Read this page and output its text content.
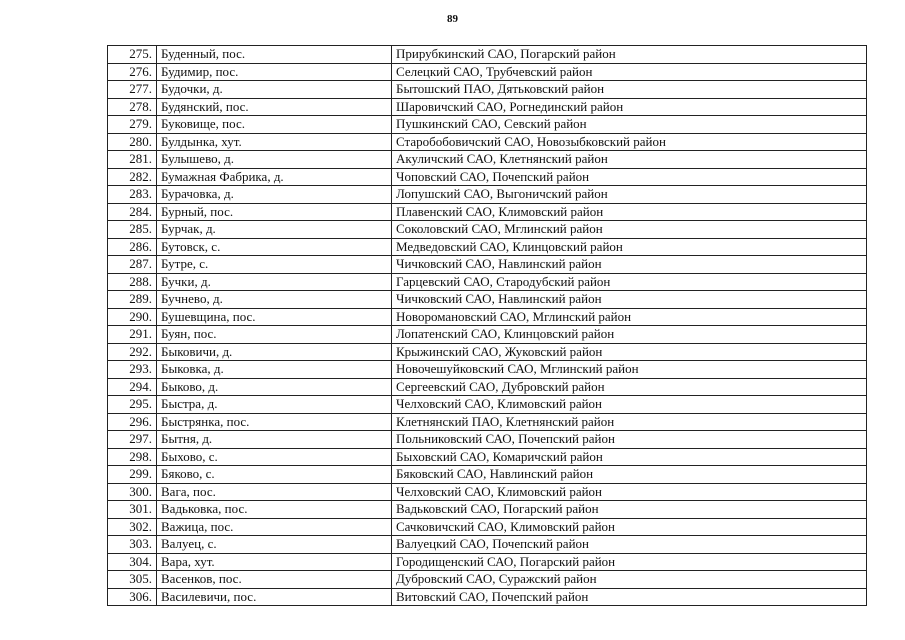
89
275.	Буденный, пос.	Прирубкинский САО, Погарский район
276.	Будимир, пос.	Селецкий САО, Трубчевский район
277.	Будочки, д.	Бытошский ПАО, Дятьковский район
278.	Будянский, пос.	Шаровичский САО, Рогнединский район
279.	Буковище, пос.	Пушкинский САО, Севский район
280.	Булдынка, хут.	Старобобовичский САО, Новозыбковский район
281.	Булышево, д.	Акуличский САО, Клетнянский район
282.	Бумажная Фабрика, д.	Чоповский САО, Почепский район
283.	Бурачовка, д.	Лопушский САО, Выгоничский район
284.	Бурный, пос.	Плавенский САО, Климовский район
285.	Бурчак, д.	Соколовский САО, Мглинский район
286.	Бутовск, с.	Медведовский САО, Клинцовский район
287.	Бутре, с.	Чичковский САО, Навлинский район
288.	Бучки, д.	Гарцевский САО, Стародубский район
289.	Бучнево, д.	Чичковский САО, Навлинский район
290.	Бушевщина, пос.	Новоромановский САО, Мглинский район
291.	Буян, пос.	Лопатенский САО, Клинцовский район
292.	Быковичи, д.	Крыжинский САО, Жуковский район
293.	Быковка, д.	Новочешуйковский САО, Мглинский район
294.	Быково, д.	Сергеевский САО, Дубровский район
295.	Быстра, д.	Челховский САО, Климовский район
296.	Быстрянка, пос.	Клетнянский ПАО, Клетнянский район
297.	Бытня, д.	Польниковский САО, Почепский район
298.	Быхово, с.	Быховский САО, Комаричский район
299.	Бяково, с.	Бяковский САО, Навлинский район
300.	Вага, пос.	Челховский САО, Климовский район
301.	Вадьковка, пос.	Вадьковский САО, Погарский район
302.	Важица, пос.	Сачковичский САО, Климовский район
303.	Валуец, с.	Валуецкий САО, Почепский район
304.	Вара, хут.	Городищенский САО, Погарский район
305.	Васенков, пос.	Дубровский САО, Суражский район
306.	Василевичи, пос.	Витовский САО, Почепский район
